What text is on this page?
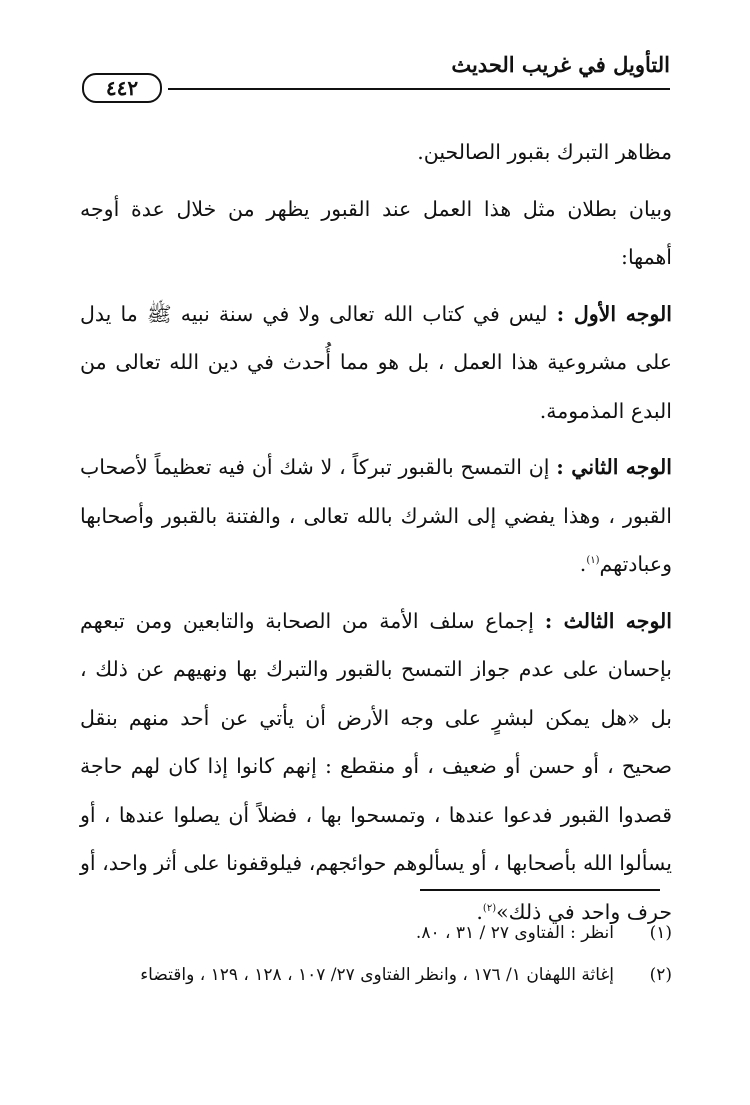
التأويل في غريب الحديث
٤٤٢

مظاهر التبرك بقبور الصالحين.

وبيان بطلان مثل هذا العمل عند القبور يظهر من خلال عدة أوجه أهمها:

الوجه الأول : ليس في كتاب الله تعالى ولا في سنة نبيه ﷺ ما يدل على مشروعية هذا العمل ، بل هو مما أُحدث في دين الله تعالى من البدع المذمومة.

الوجه الثاني : إن التمسح بالقبور تبركاً ، لا شك أن فيه تعظيماً لأصحاب القبور ، وهذا يفضي إلى الشرك بالله تعالى ، والفتنة بالقبور وأصحابها وعبادتهم$^{(١)}$.

الوجه الثالث : إجماع سلف الأمة من الصحابة والتابعين ومن تبعهم بإحسان على عدم جواز التمسح بالقبور والتبرك بها ونهيهم عن ذلك ، بل «هل يمكن لبشرٍ على وجه الأرض أن يأتي عن أحد منهم بنقل صحيح ، أو حسن أو ضعيف ، أو منقطع : إنهم كانوا إذا كان لهم حاجة قصدوا القبور فدعوا عندها ، وتمسحوا بها ، فضلاً أن يصلوا عندها ، أو يسألوا الله بأصحابها ، أو يسألوهم حوائجهم، فيلوقفونا على أثر واحد، أو حرف واحد في ذلك»$^{(٢)}$.

(١)
انظر : الفتاوى ٢٧ / ٣١ ، ٨٠.
(٢)
إغاثة اللهفان ١/ ١٧٦ ، وانظر الفتاوى ٢٧/ ١٠٧ ، ١٢٨ ، ١٢٩ ، واقتضاء
